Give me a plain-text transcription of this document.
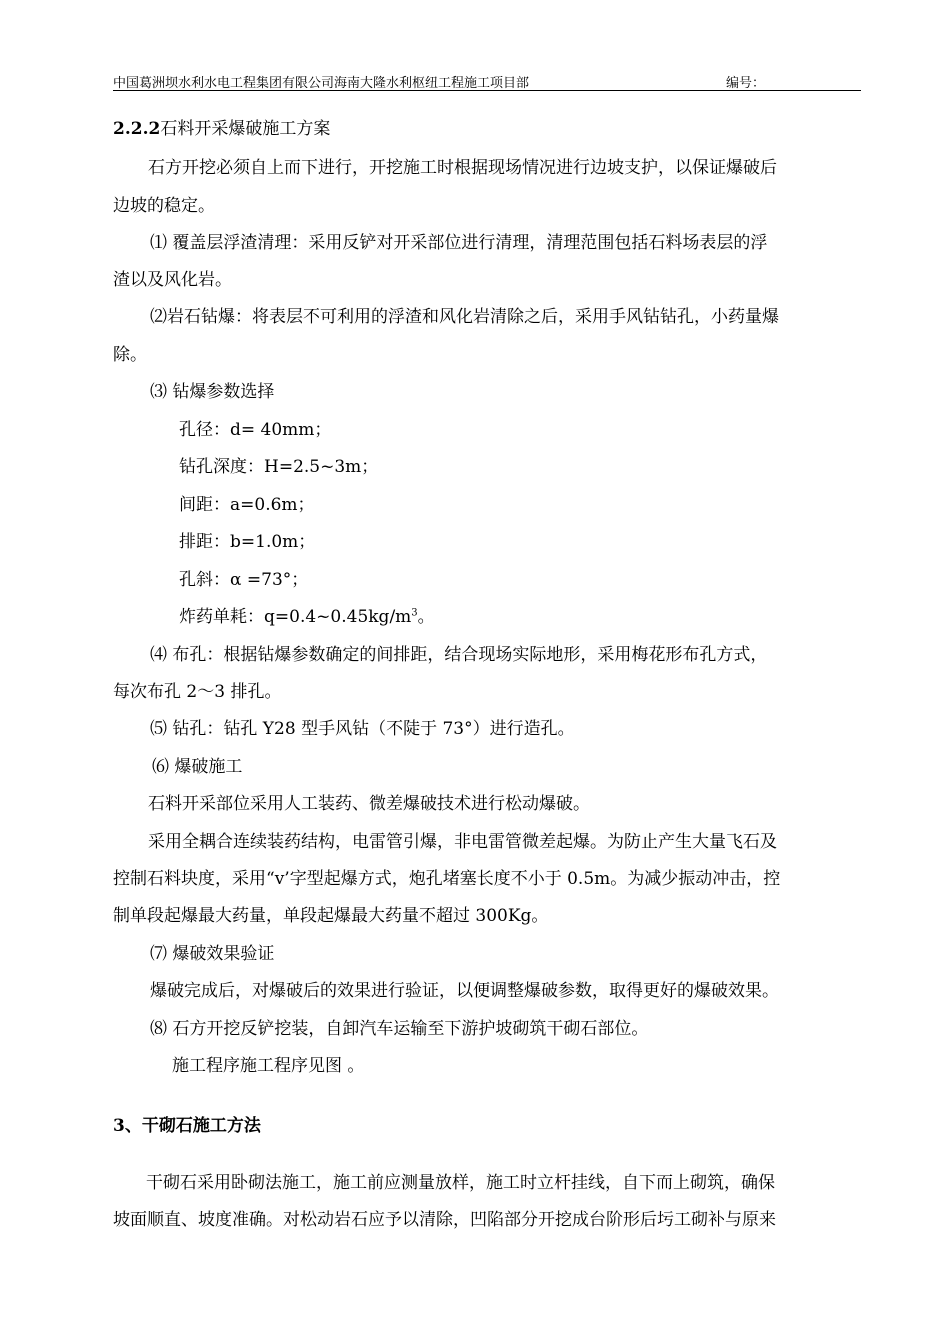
中国葛洲坝水利水电工程集团有限公司海南大隆水利枢纽工程施工项目部	编号：
2.2.2石料开采爆破施工方案
石方开挖必须自上而下进行，开挖施工时根据现场情况进行边坡支护，以保证爆破后
边坡的稳定。
⑴ 覆盖层浮渣清理：采用反铲对开采部位进行清理，清理范围包括石料场表层的浮
渣以及风化岩。
⑵岩石钻爆：将表层不可利用的浮渣和风化岩清除之后，采用手风钻钻孔，小药量爆
除。
⑶ 钻爆参数选择
孔径：d= 40mm；
钻孔深度：H=2.5~3m；
间距：a=0.6m；
排距：b=1.0m；
孔斜：α =73°；
炸药单耗：$q=0.4\sim 0.45kg/m^3$。
⑷ 布孔：根据钻爆参数确定的间排距，结合现场实际地形，采用梅花形布孔方式，
每次布孔 2～3 排孔。
⑸ 钻孔：钻孔 Y28 型手风钻（不陡于 73°）进行造孔。
⑹ 爆破施工
石料开采部位采用人工装药、微差爆破技术进行松动爆破。
采用全耦合连续装药结构，电雷管引爆，非电雷管微差起爆。为防止产生大量飞石及
控制石料块度，采用“v’字型起爆方式，炮孔堵塞长度不小于 0.5m。为减少振动冲击，控
制单段起爆最大药量，单段起爆最大药量不超过 300Kg。
⑺ 爆破效果验证
爆破完成后，对爆破后的效果进行验证，以便调整爆破参数，取得更好的爆破效果。
⑻ 石方开挖反铲挖装，自卸汽车运输至下游护坡砌筑干砌石部位。
施工程序施工程序见图 。
3、干砌石施工方法
干砌石采用卧砌法施工，施工前应测量放样，施工时立杆挂线，自下而上砌筑，确保
坡面顺直、坡度准确。对松动岩石应予以清除，凹陷部分开挖成台阶形后圬工砌补与原来
